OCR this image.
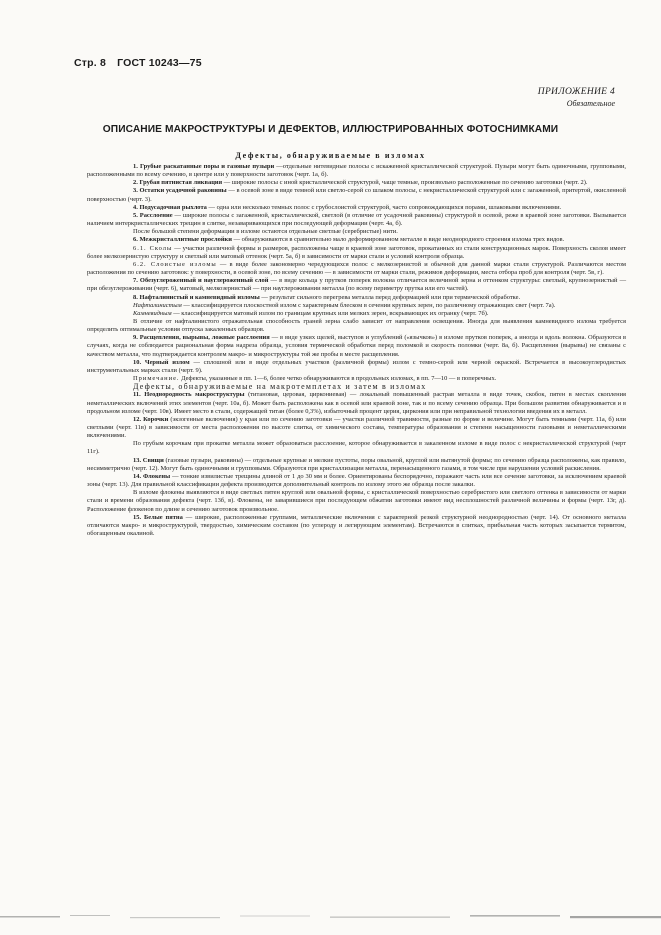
Стр. 8 ГОСТ 10243—75
ПРИЛОЖЕНИЕ 4
Обязательное
ОПИСАНИЕ МАКРОСТРУКТУРЫ И ДЕФЕКТОВ, ИЛЛЮСТРИРОВАННЫХ ФОТОСНИМКАМИ
Дефекты, обнаруживаемые в изломах

1. Грубые раскатанные поры и газовые пузыри —отдельные нитевидные полосы с искаженной кристаллической структурой. Пузыри могут быть одиночными, групповыми, расположенными по всему сечению, в центре или у поверхности заготовок (черт. 1а, б).

2. Грубая пятнистая ликвация — широкие полосы с иной кристаллической структурой, чаще темные, произвольно расположенные по сечению заготовки (черт. 2).

3. Остатки усадочной раковины — в осевой зоне в виде темной или светло-серой со шлаком полосы, с некристаллической структурой или с загаженной, притертой, окисленной поверхностью (черт. 3).

4. Подусадочная рыхлота — одна или несколько темных полос с грубослоистой структурой, часто сопровождающихся порами, шлаковыми включениями.

5. Расслоение — широкие полосы с загаженной, кристаллической, светлой (в отличие от усадочной раковины) структурой в осевой, реже в краевой зоне заготовки. Вызывается наличием интеркристаллических трещин в слитке, незаваривающихся при последующей деформации (черт. 4а, б).

После большой степени деформации в изломе остаются отдельные светлые (серебристые) нити.

6. Межкристаллитные прослойки — обнаруживаются в сравнительно мало деформированном металле в виде неоднородного строения излома трех видов.

6.1. Сколы — участки различной формы и размеров, расположены чаще в краевой зоне заготовок, прокатанных из стали конструкционных марок. Поверхность сколов имеет более мелкозернистую структуру и светлый или матовый оттенок (черт. 5а, б) в зависимости от марки стали и условий контроля образца.

6.2. Слоистые изломы — в виде более закономерно чередующихся полос с мелкозернистой и обычной для данной марки стали структурой. Различаются местом расположения по сечению заготовок: у поверхности, в осевой зоне, по всему сечению — в зависимости от марки стали, режимов деформации, места отбора проб для контроля (черт. 5в, г).

7. Обезуглероженный и науглероженный слой — в виде кольца у прутков поперек волокна отличается величиной зерна и оттенком структуры: светлый, крупнозернистый — при обезуглероживании (черт. 6), матовый, мелкозернистый — при науглероживании металла (по всему периметру прутка или его частей).

8. Нафталинистый и камневидный изломы — результат сильного перегрева металла перед деформацией или при термической обработке.

Нафталинистым — классифицируется плоскостной излом с характерным блеском в сечении крупных зерен, по различному отражающих свет (черт. 7а).

Камневидным — классифицируется матовый излом по границам крупных или мелких зерен, вскрывающих их огранку (черт. 7б).

В отличие от нафталинистого отражательная способность граней зерна слабо зависит от направления освещения. Иногда для выявления камневидного излома требуется определить оптимальные условия отпуска закаленных образцов.

9. Расщепления, вырывы, ложные расслоения — в виде узких щелей, выступов и углублений («язычков») в изломе прутков поперек, а иногда и вдоль волокна. Образуются в случаях, когда не соблюдается рациональная форма надреза образца, условия термической обработки перед поломкой и скорость поломки (черт. 8а, б). Расщепления (вырывы) не связаны с качеством металла, что подтверждается контролем макро- и микроструктуры той же пробы в месте расщепления.

10. Черный излом — сплошной или в виде отдельных участков (различной формы) излом с темно-серой или черной окраской. Встречается в высокоуглеродистых инструментальных марках стали (черт. 9).

Примечание. Дефекты, указанные в пп. 1—6, более четко обнаруживаются в продольных изломах, в пп. 7—10 — в поперечных.

Дефекты, обнаруживаемые на макротемплетах и затем в изломах

11. Неоднородность макроструктуры (титановая, церовая, циркониевая) — локальный повышенный растрав металла в виде точек, скобок, пятен в местах скопления неметаллических включений этих элементов (черт. 10а, б). Может быть расположена как в осевой или краевой зоне, так и по всему сечению образца. При большом развитии обнаруживается и в продольном изломе (черт. 10в). Имеет место в стали, содержащей титан (более 0,3%), избыточный процент церия, циркония или при неправильной технологии введения их в металл.

12. Корочки (экзогенные включения) у края или по сечению заготовки — участки различной травимости, разные по форме и величине. Могут быть темными (черт. 11а, б) или светлыми (черт. 11в) в зависимости от места расположения по высоте слитка, от химического состава, температуры образования и степени насыщенности газовыми и неметаллическими включениями.

По грубым корочкам при прокатке металла может образоваться расслоение, которое обнаруживается в закаленном изломе в виде полос с некристаллической структурой (черт 11г).

13. Свищи (газовые пузыри, раковины) — отдельные крупные и мелкие пустоты, поры овальной, круглой или вытянутой формы; по сечению образца расположены, как правило, несимметрично (черт. 12). Могут быть одиночными и групповыми. Образуются при кристаллизации металла, перенасыщенного газами, в том числе при нарушении условий раскисления.

14. Флокены — тонкие извилистые трещины длиной от 1 до 30 мм и более. Ориентированы беспорядочно, поражают часть или все сечение заготовки, за исключением краевой зоны (черт. 13). Для правильной классификации дефекта производится дополнительный контроль по излому этого же образца после закалки.

В изломе флокены выявляются в виде светлых пятен круглой или овальной формы, с кристаллической поверхностью серебристого или светлого оттенка в зависимости от марки стали и времени образования дефекта (черт. 13б, в). Флокены, не заварившиеся при последующем обжатии заготовки имеют вид несплошностей различной величины и формы (черт. 13г, д). Расположение флокенов по длине и сечению заготовок произвольное.

15. Белые пятна — широкие, расположенные группами, металлические включения с характерной резкой структурной неоднородностью (черт. 14). От основного металла отличаются макро- и микроструктурой, твердостью, химическим составом (по углероду и легирующим элементам). Встречаются в слитках, прибыльная часть которых засыпается термитом, обогащенным окалиной.
